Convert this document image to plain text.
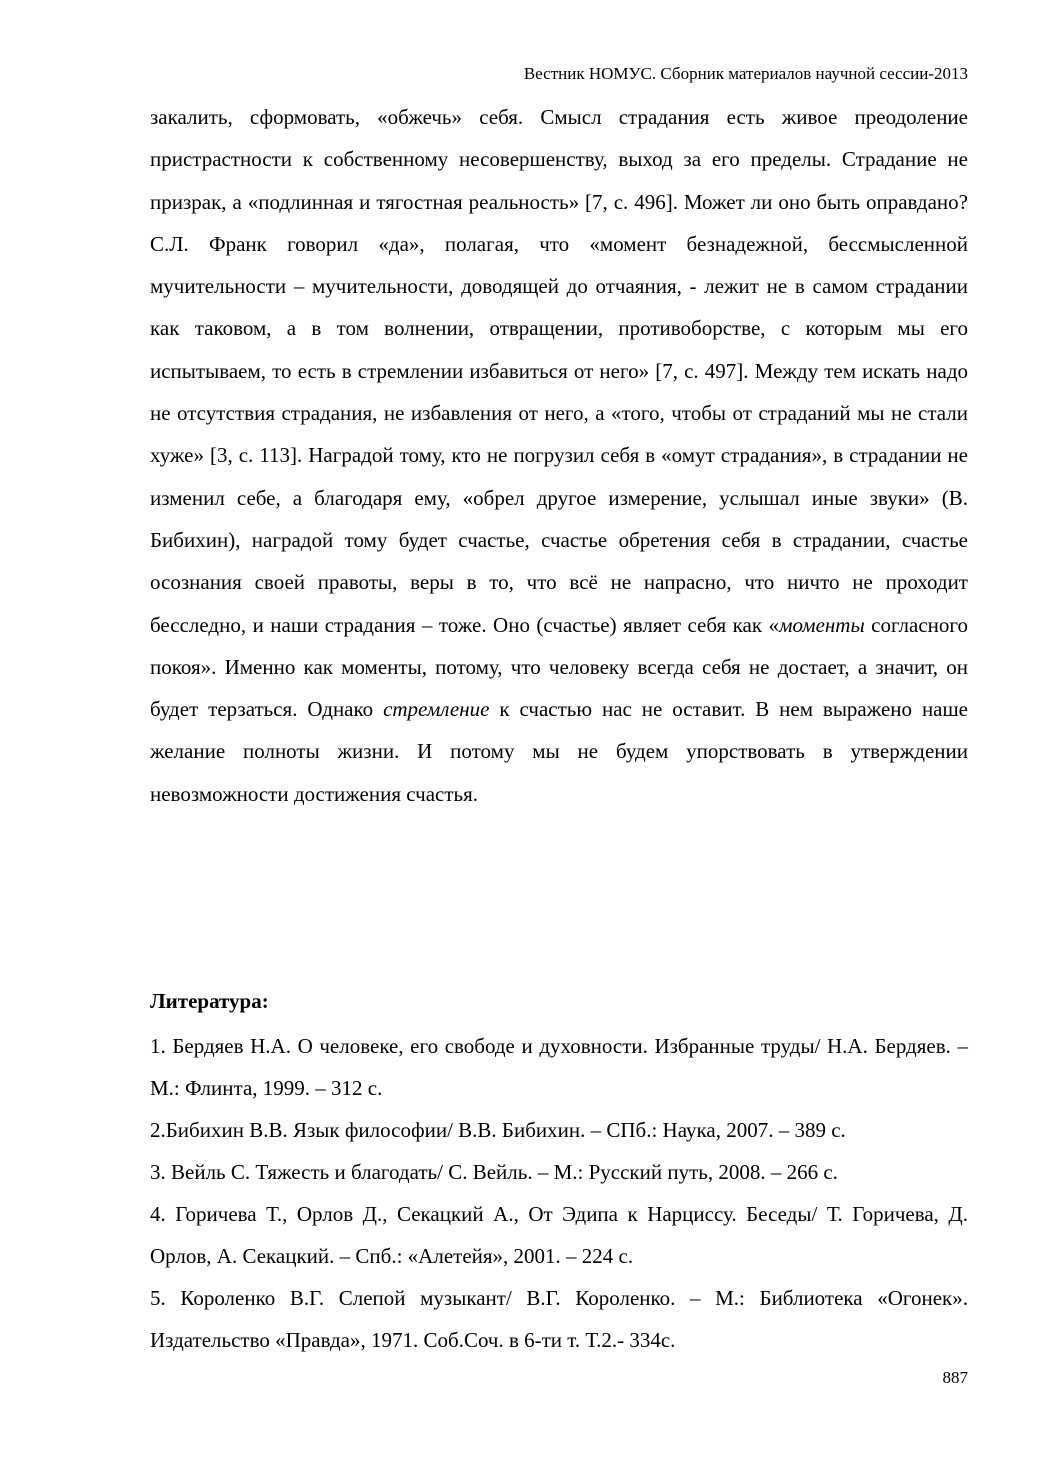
Вестник НОМУС. Сборник материалов научной сессии-2013

закалить, сформовать, «обжечь» себя. Смысл страдания есть живое преодоление пристрастности к собственному несовершенству, выход за его пределы. Страдание не призрак, а «подлинная и тягостная реальность» [7, с. 496]. Может ли оно быть оправдано? С.Л. Франк говорил «да», полагая, что «момент безнадежной, бессмысленной мучительности – мучительности, доводящей до отчаяния, - лежит не в самом страдании как таковом, а в том волнении, отвращении, противоборстве, с которым мы его испытываем, то есть в стремлении избавиться от него» [7, с. 497]. Между тем искать надо не отсутствия страдания, не избавления от него, а «того, чтобы от страданий мы не стали хуже» [3, с. 113]. Наградой тому, кто не погрузил себя в «омут страдания», в страдании не изменил себе, а благодаря ему, «обрел другое измерение, услышал иные звуки» (В. Бибихин), наградой тому будет счастье, счастье обретения себя в страдании, счастье осознания своей правоты, веры в то, что всё не напрасно, что ничто не проходит бесследно, и наши страдания – тоже. Оно (счастье) являет себя как «моменты согласного покоя». Именно как моменты, потому, что человеку всегда себя не достает, а значит, он будет терзаться. Однако стремление к счастью нас не оставит. В нем выражено наше желание полноты жизни. И потому мы не будем упорствовать в утверждении невозможности достижения счастья.

Литература:
1. Бердяев Н.А. О человеке, его свободе и духовности. Избранные труды/ Н.А. Бердяев. – М.: Флинта, 1999. – 312 с.
2.Бибихин В.В. Язык философии/ В.В. Бибихин. – СПб.: Наука, 2007. – 389 с.
3. Вейль С. Тяжесть и благодать/ С. Вейль. – М.: Русский путь, 2008. – 266 с.
4. Горичева Т., Орлов Д., Секацкий А., От Эдипа к Нарциссу. Беседы/ Т. Горичева, Д. Орлов, А. Секацкий. – Спб.: «Алетейя», 2001. – 224 с.
5. Короленко В.Г. Слепой музыкант/ В.Г. Короленко. – М.: Библиотека «Огонек». Издательство «Правда», 1971. Соб.Соч. в 6-ти т. Т.2.- 334с.
887
